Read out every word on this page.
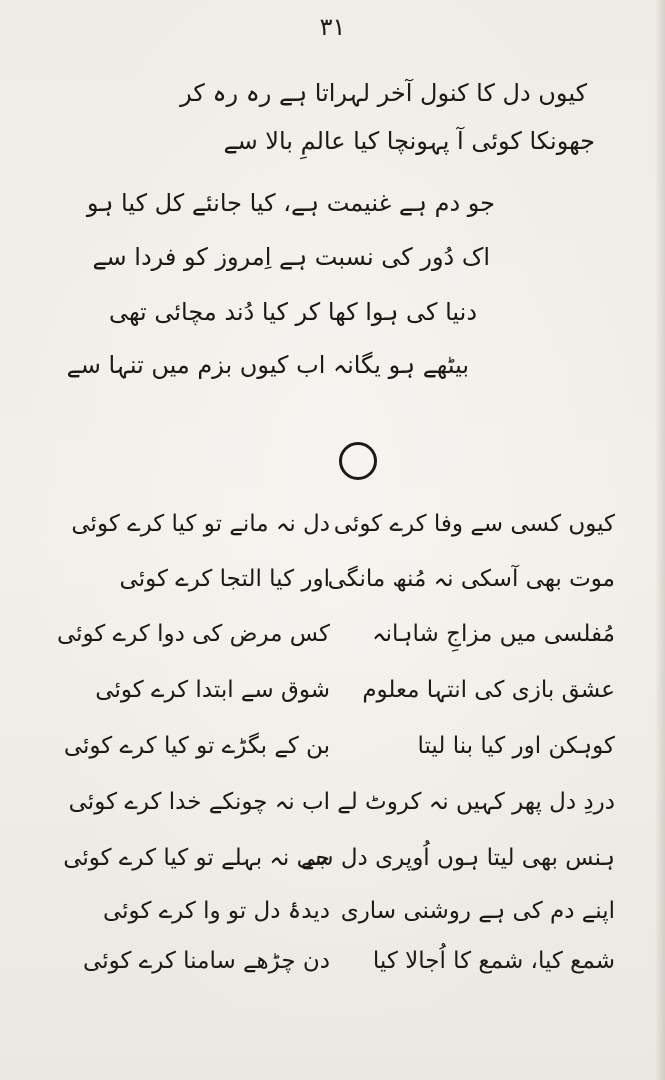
۳۱
کیوں دل کا کنول آخر لہراتا ہے رہ رہ کر
جھونکا کوئی آ پہونچا کیا عالمِ بالا سے
جو دم ہے غنیمت ہے، کیا جانئے کل کیا ہو
اک دُور کی نسبت ہے اِمروز کو فردا سے
دنیا کی ہوا کھا کر کیا دُند مچائی تھی
بیٹھے ہو یگانہ اب کیوں بزم میں تنہا سے
کیوں کسی سے وفا کرے کوئی
دل نہ مانے تو کیا کرے کوئی
موت بھی آسکی نہ مُنھ مانگی
اور کیا التجا کرے کوئی
مُفلسی میں مزاجِ شاہانہ
کس مرض کی دوا کرے کوئی
عشق بازی کی انتہا معلوم
شوق سے ابتدا کرے کوئی
کوہکن اور کیا بنا لیتا
بن کے بگڑے تو کیا کرے کوئی
دردِ دل پھر کہیں نہ کروٹ لے
اب نہ چونکے خدا کرے کوئی
ہنس بھی لیتا ہوں اُوپری دل سے
جی نہ بہلے تو کیا کرے کوئی
اپنے دم کی ہے روشنی ساری
دیدۂ دل تو وا کرے کوئی
شمع کیا، شمع کا اُجالا کیا
دن چڑھے سامنا کرے کوئی
